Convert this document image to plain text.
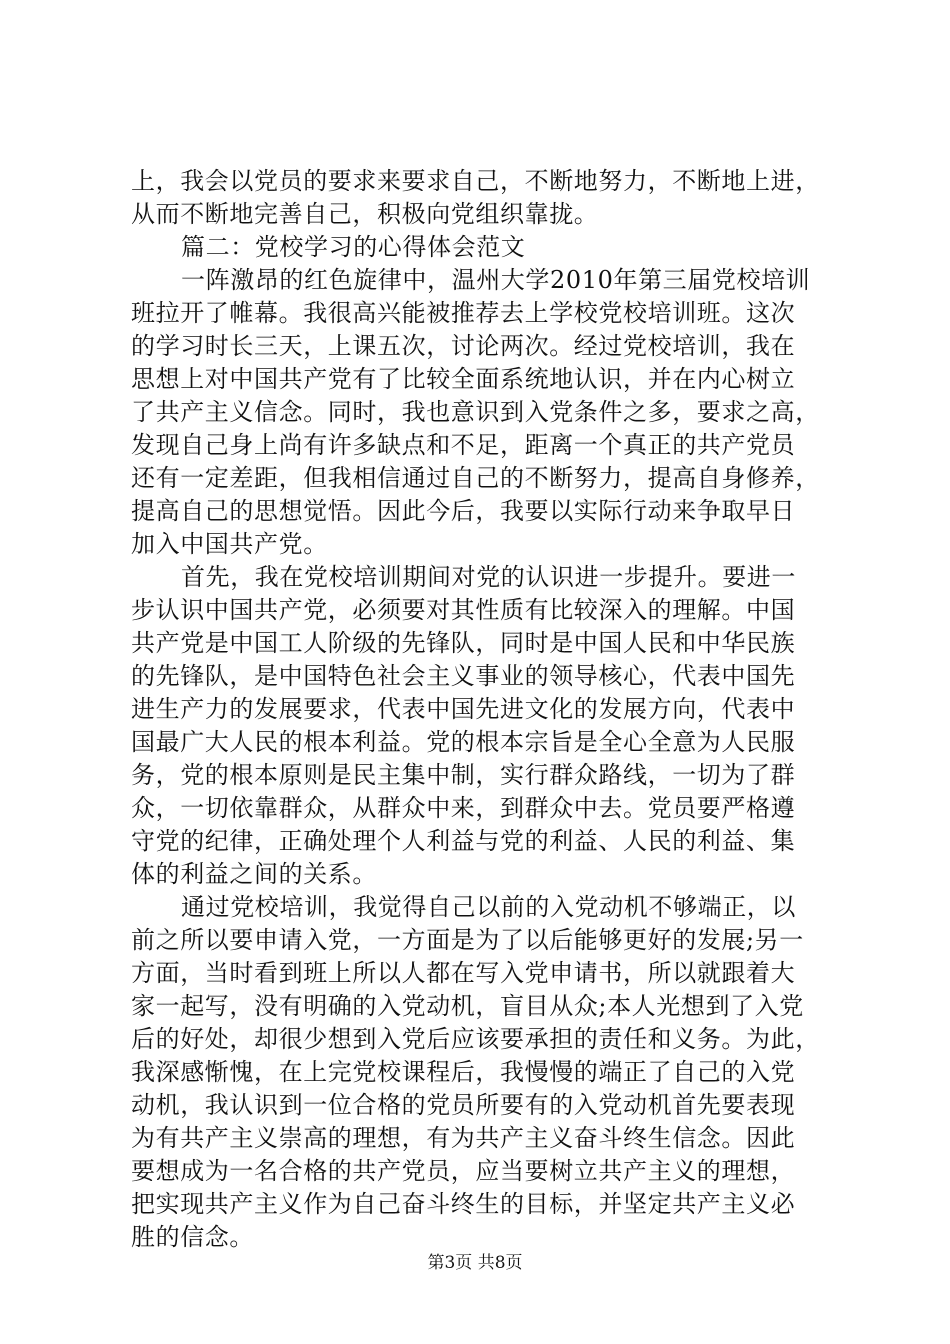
上，我会以党员的要求来要求自己，不断地努力，不断地上进，
从而不断地完善自己，积极向党组织靠拢。
篇二：党校学习的心得体会范文
一阵激昂的红色旋律中，温州大学2010年第三届党校培训
班拉开了帷幕。我很高兴能被推荐去上学校党校培训班。这次
的学习时长三天，上课五次，讨论两次。经过党校培训，我在
思想上对中国共产党有了比较全面系统地认识，并在内心树立
了共产主义信念。同时，我也意识到入党条件之多，要求之高，
发现自己身上尚有许多缺点和不足，距离一个真正的共产党员
还有一定差距，但我相信通过自己的不断努力，提高自身修养，
提高自己的思想觉悟。因此今后，我要以实际行动来争取早日
加入中国共产党。
首先，我在党校培训期间对党的认识进一步提升。要进一
步认识中国共产党，必须要对其性质有比较深入的理解。中国
共产党是中国工人阶级的先锋队，同时是中国人民和中华民族
的先锋队，是中国特色社会主义事业的领导核心，代表中国先
进生产力的发展要求，代表中国先进文化的发展方向，代表中
国最广大人民的根本利益。党的根本宗旨是全心全意为人民服
务，党的根本原则是民主集中制，实行群众路线，一切为了群
众，一切依靠群众，从群众中来，到群众中去。党员要严格遵
守党的纪律，正确处理个人利益与党的利益、人民的利益、集
体的利益之间的关系。
通过党校培训，我觉得自己以前的入党动机不够端正，以
前之所以要申请入党，一方面是为了以后能够更好的发展;另一
方面，当时看到班上所以人都在写入党申请书，所以就跟着大
家一起写，没有明确的入党动机，盲目从众;本人光想到了入党
后的好处，却很少想到入党后应该要承担的责任和义务。为此，
我深感惭愧，在上完党校课程后，我慢慢的端正了自己的入党
动机，我认识到一位合格的党员所要有的入党动机首先要表现
为有共产主义崇高的理想，有为共产主义奋斗终生信念。因此
要想成为一名合格的共产党员，应当要树立共产主义的理想，
把实现共产主义作为自己奋斗终生的目标，并坚定共产主义必
胜的信念。
第3页 共8页
